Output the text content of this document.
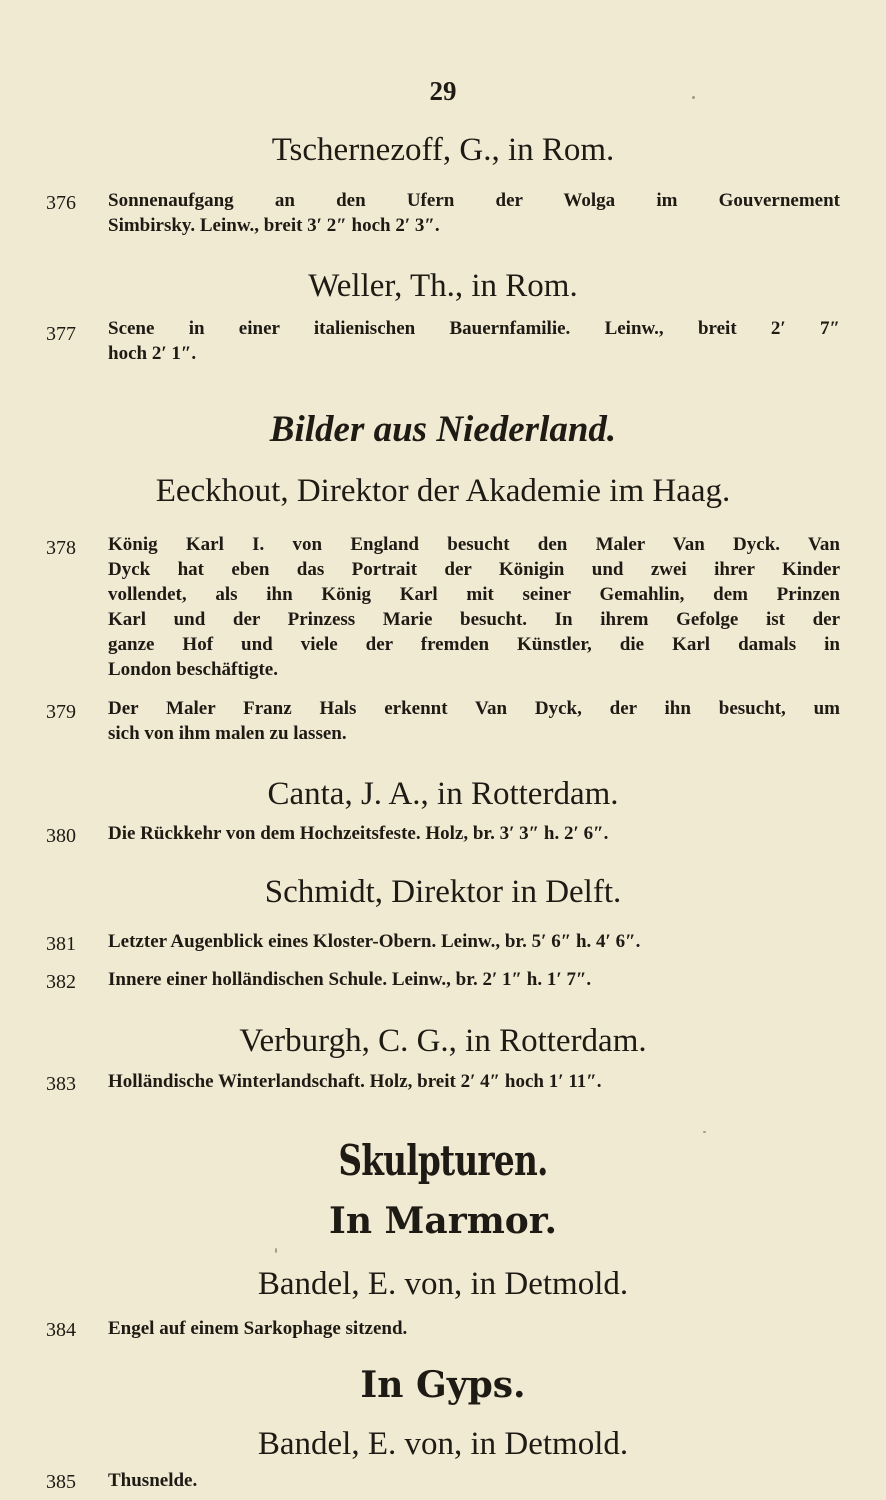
29
Tschernezoff, G., in Rom.
376 Sonnenaufgang an den Ufern der Wolga im Gouvernement
Simbirsky. Leinw., breit 3′ 2″ hoch 2′ 3″.
Weller, Th., in Rom.
377 Scene in einer italienischen Bauernfamilie. Leinw., breit 2′ 7″
hoch 2′ 1″.
Bilder aus Niederland.
Eeckhout, Direktor der Akademie im Haag.
378 König Karl I. von England besucht den Maler Van Dyck. Van
Dyck hat eben das Portrait der Königin und zwei ihrer Kinder
vollendet, als ihn König Karl mit seiner Gemahlin, dem Prinzen
Karl und der Prinzess Marie besucht. In ihrem Gefolge ist der
ganze Hof und viele der fremden Künstler, die Karl damals in
London beschäftigte.
379 Der Maler Franz Hals erkennt Van Dyck, der ihn besucht, um
sich von ihm malen zu lassen.
Canta, J. A., in Rotterdam.
380 Die Rückkehr von dem Hochzeitsfeste. Holz, br. 3′ 3″ h. 2′ 6″.
Schmidt, Direktor in Delft.
381 Letzter Augenblick eines Kloster-Obern. Leinw., br. 5′ 6″ h. 4′ 6″.
382 Innere einer holländischen Schule. Leinw., br. 2′ 1″ h. 1′ 7″.
Verburgh, C. G., in Rotterdam.
383 Holländische Winterlandschaft. Holz, breit 2′ 4″ hoch 1′ 11″.
Skulpturen.
In Marmor.
Bandel, E. von, in Detmold.
384 Engel auf einem Sarkophage sitzend.
In Gyps.
Bandel, E. von, in Detmold.
385 Thusnelde.
